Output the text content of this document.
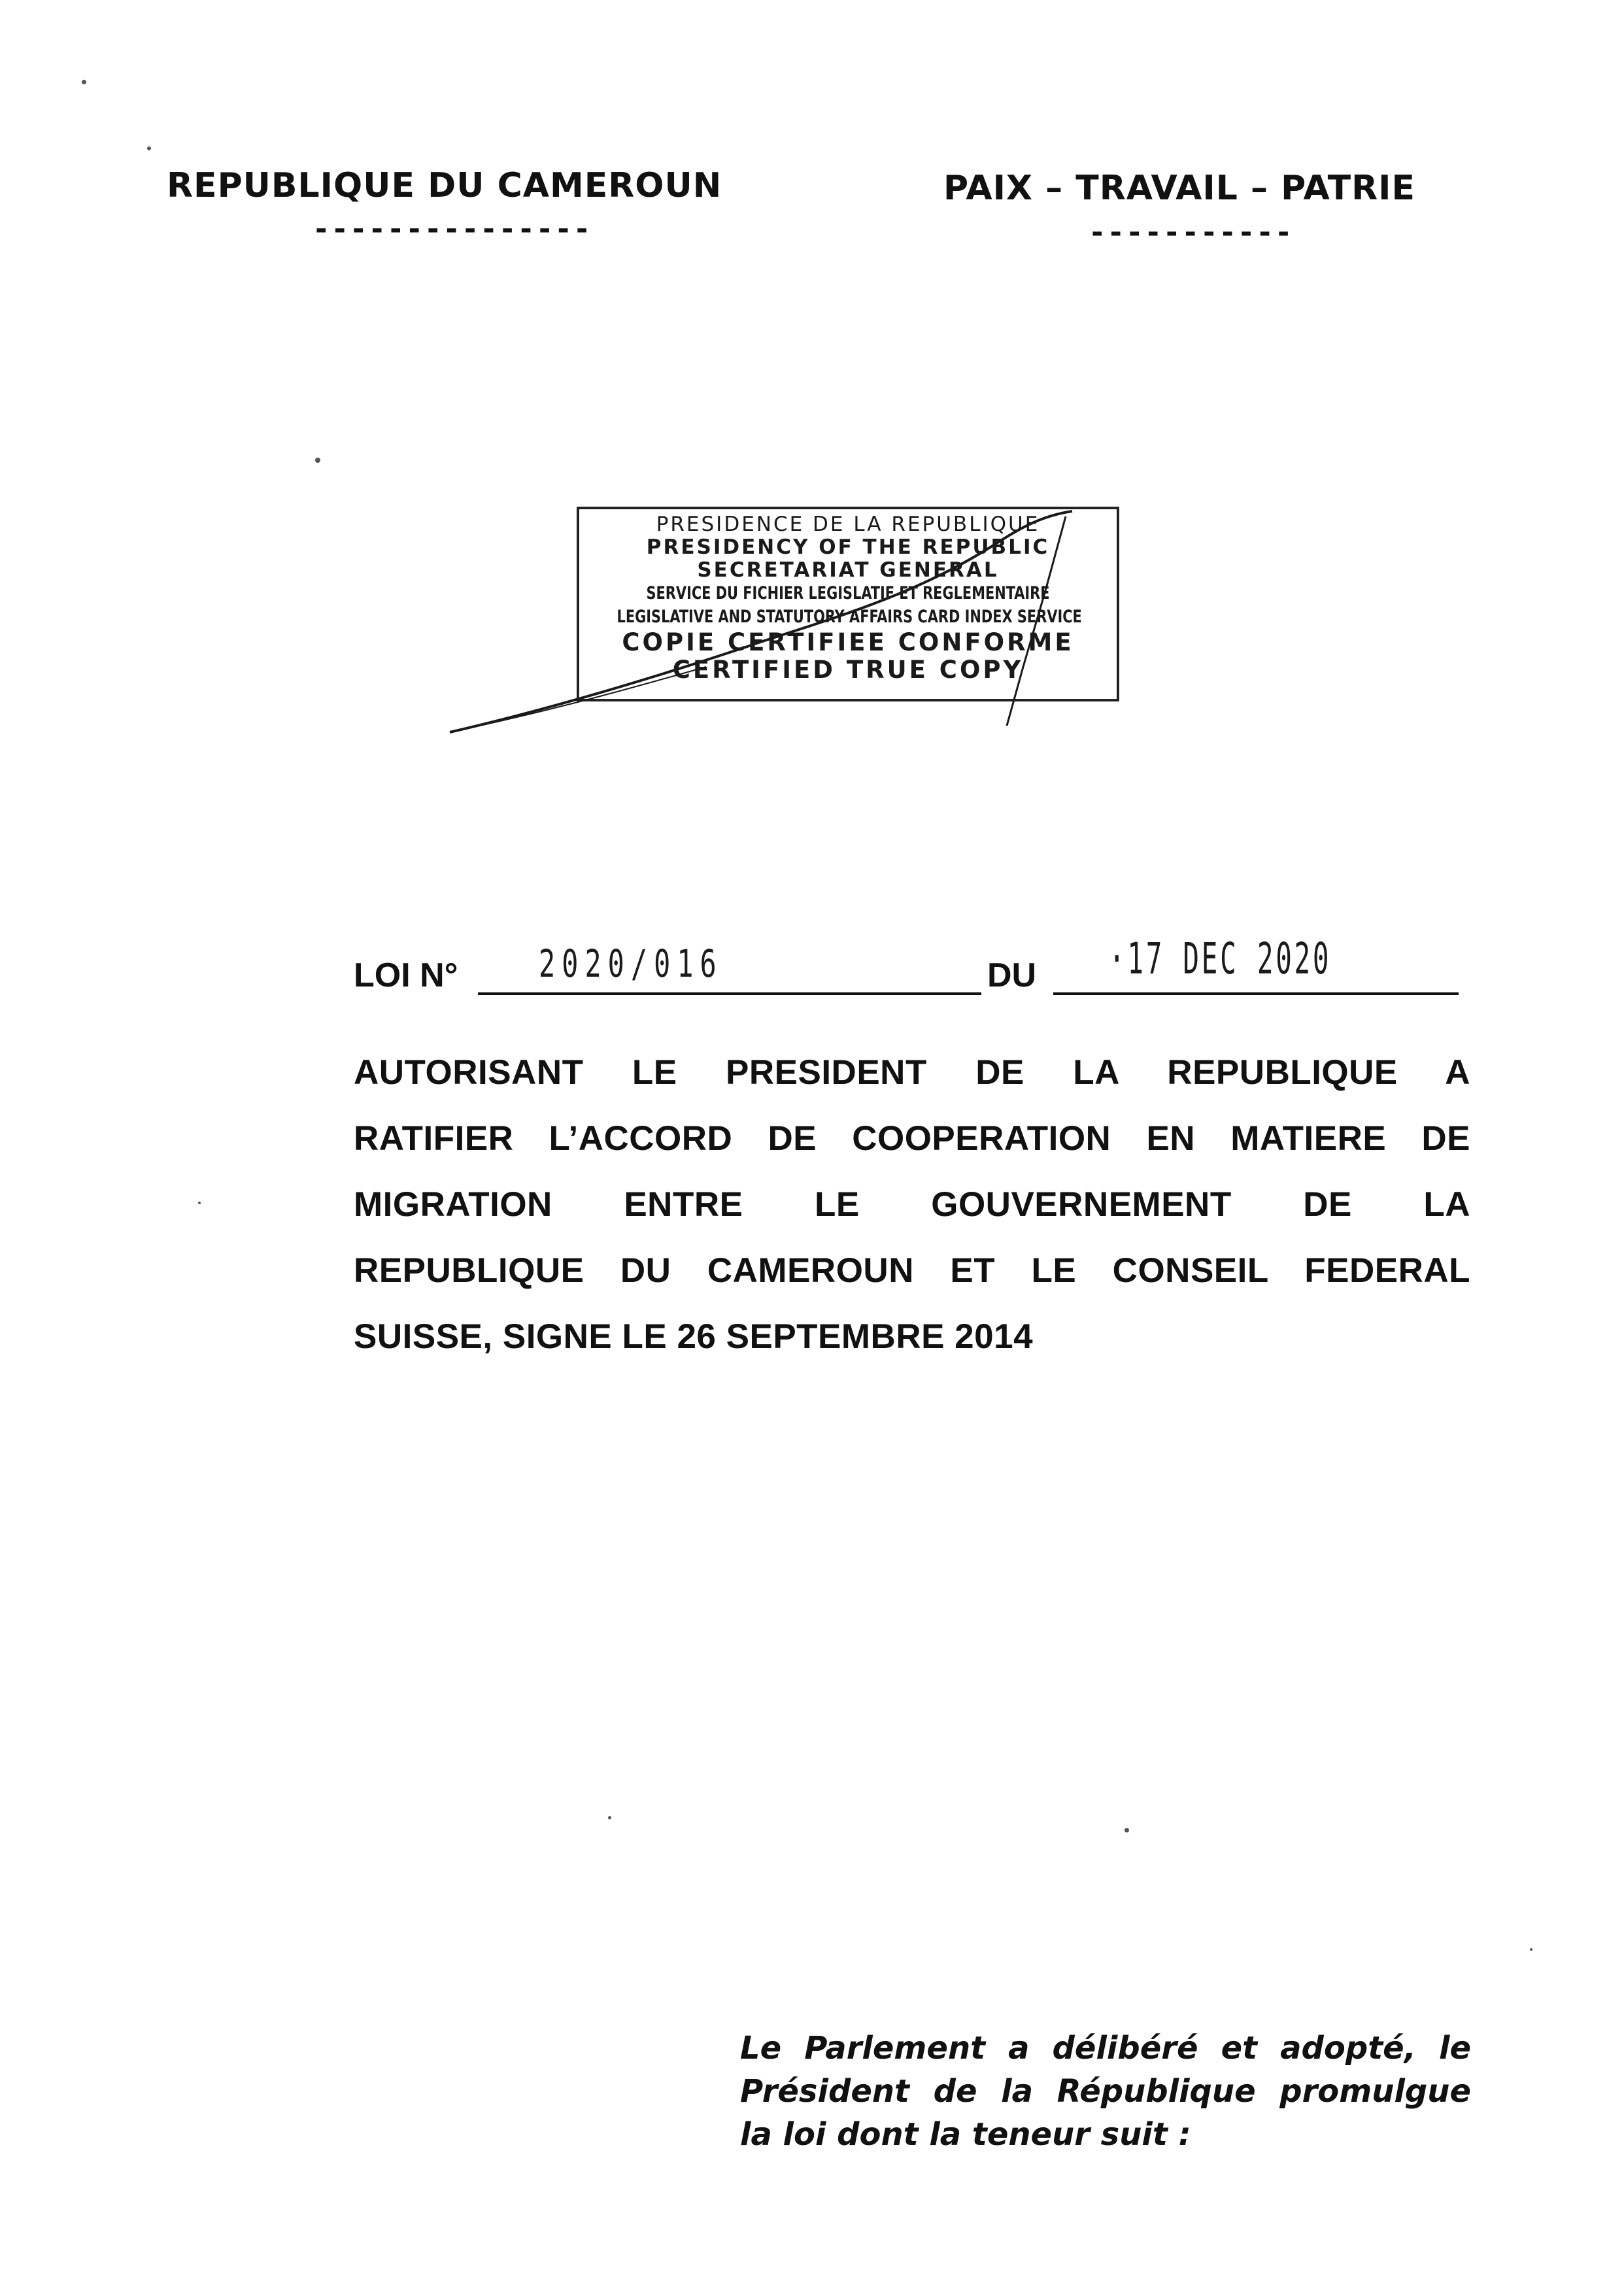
REPUBLIQUE DU CAMEROUN
---------------
PAIX – TRAVAIL – PATRIE
-----------
PRESIDENCE DE LA REPUBLIQUE
PRESIDENCY OF THE REPUBLIC
SECRETARIAT GENERAL
SERVICE DU FICHIER LEGISLATIF ET REGLEMENTAIRE
LEGISLATIVE AND STATUTORY AFFAIRS CARD INDEX SERVICE
COPIE CERTIFIEE CONFORME
CERTIFIED TRUE COPY
LOI N° 2020/016	DU ·17 DEC 2020
AUTORISANT LE PRESIDENT DE LA REPUBLIQUE A
RATIFIER L’ACCORD DE COOPERATION EN MATIERE DE
MIGRATION ENTRE LE GOUVERNEMENT DE LA
REPUBLIQUE DU CAMEROUN ET LE CONSEIL FEDERAL
SUISSE, SIGNE LE 26 SEPTEMBRE 2014
Le Parlement a délibéré et adopté, le
Président de la République promulgue
la loi dont la teneur suit :
